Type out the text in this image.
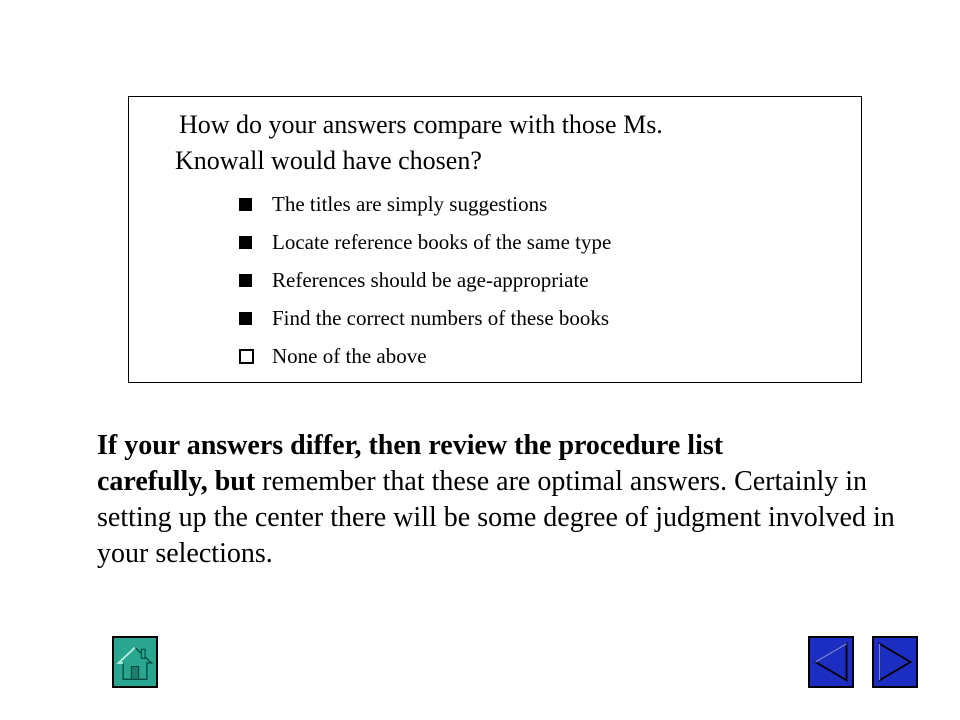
How do your answers compare with those Ms.
Knowall would have chosen?

The titles are simply suggestions
Locate reference books of the same type
References should be age-appropriate
Find the correct numbers of these books
None of the above

If your answers differ, then review the procedure list
carefully, but remember that these are optimal answers. Certainly in setting up the center there will be some degree of judgment involved in your selections.
